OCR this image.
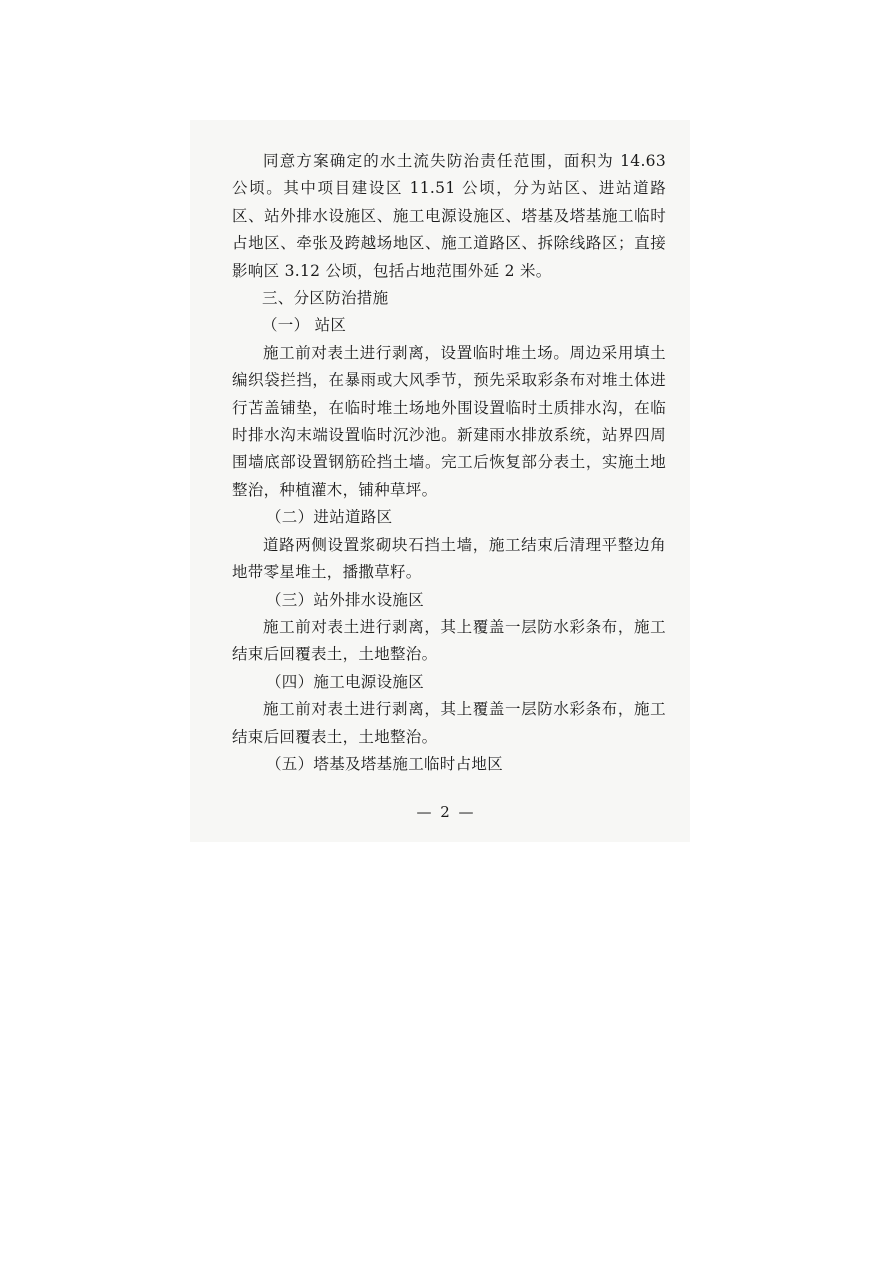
同意方案确定的水土流失防治责任范围，面积为 14.63 公顷。其中项目建设区 11.51 公顷，分为站区、进站道路区、站外排水设施区、施工电源设施区、塔基及塔基施工临时占地区、牵张及跨越场地区、施工道路区、拆除线路区；直接影响区 3.12 公顷，包括占地范围外延 2 米。

三、分区防治措施

（一） 站区

施工前对表土进行剥离，设置临时堆土场。周边采用填土编织袋拦挡，在暴雨或大风季节，预先采取彩条布对堆土体进行苫盖铺垫，在临时堆土场地外围设置临时土质排水沟，在临时排水沟末端设置临时沉沙池。新建雨水排放系统，站界四周围墙底部设置钢筋砼挡土墙。完工后恢复部分表土，实施土地整治，种植灌木，铺种草坪。

（二）进站道路区

道路两侧设置浆砌块石挡土墙，施工结束后清理平整边角地带零星堆土，播撒草籽。

（三）站外排水设施区

施工前对表土进行剥离，其上覆盖一层防水彩条布，施工结束后回覆表土，土地整治。

（四）施工电源设施区

施工前对表土进行剥离，其上覆盖一层防水彩条布，施工结束后回覆表土，土地整治。

（五）塔基及塔基施工临时占地区

— 2 —
